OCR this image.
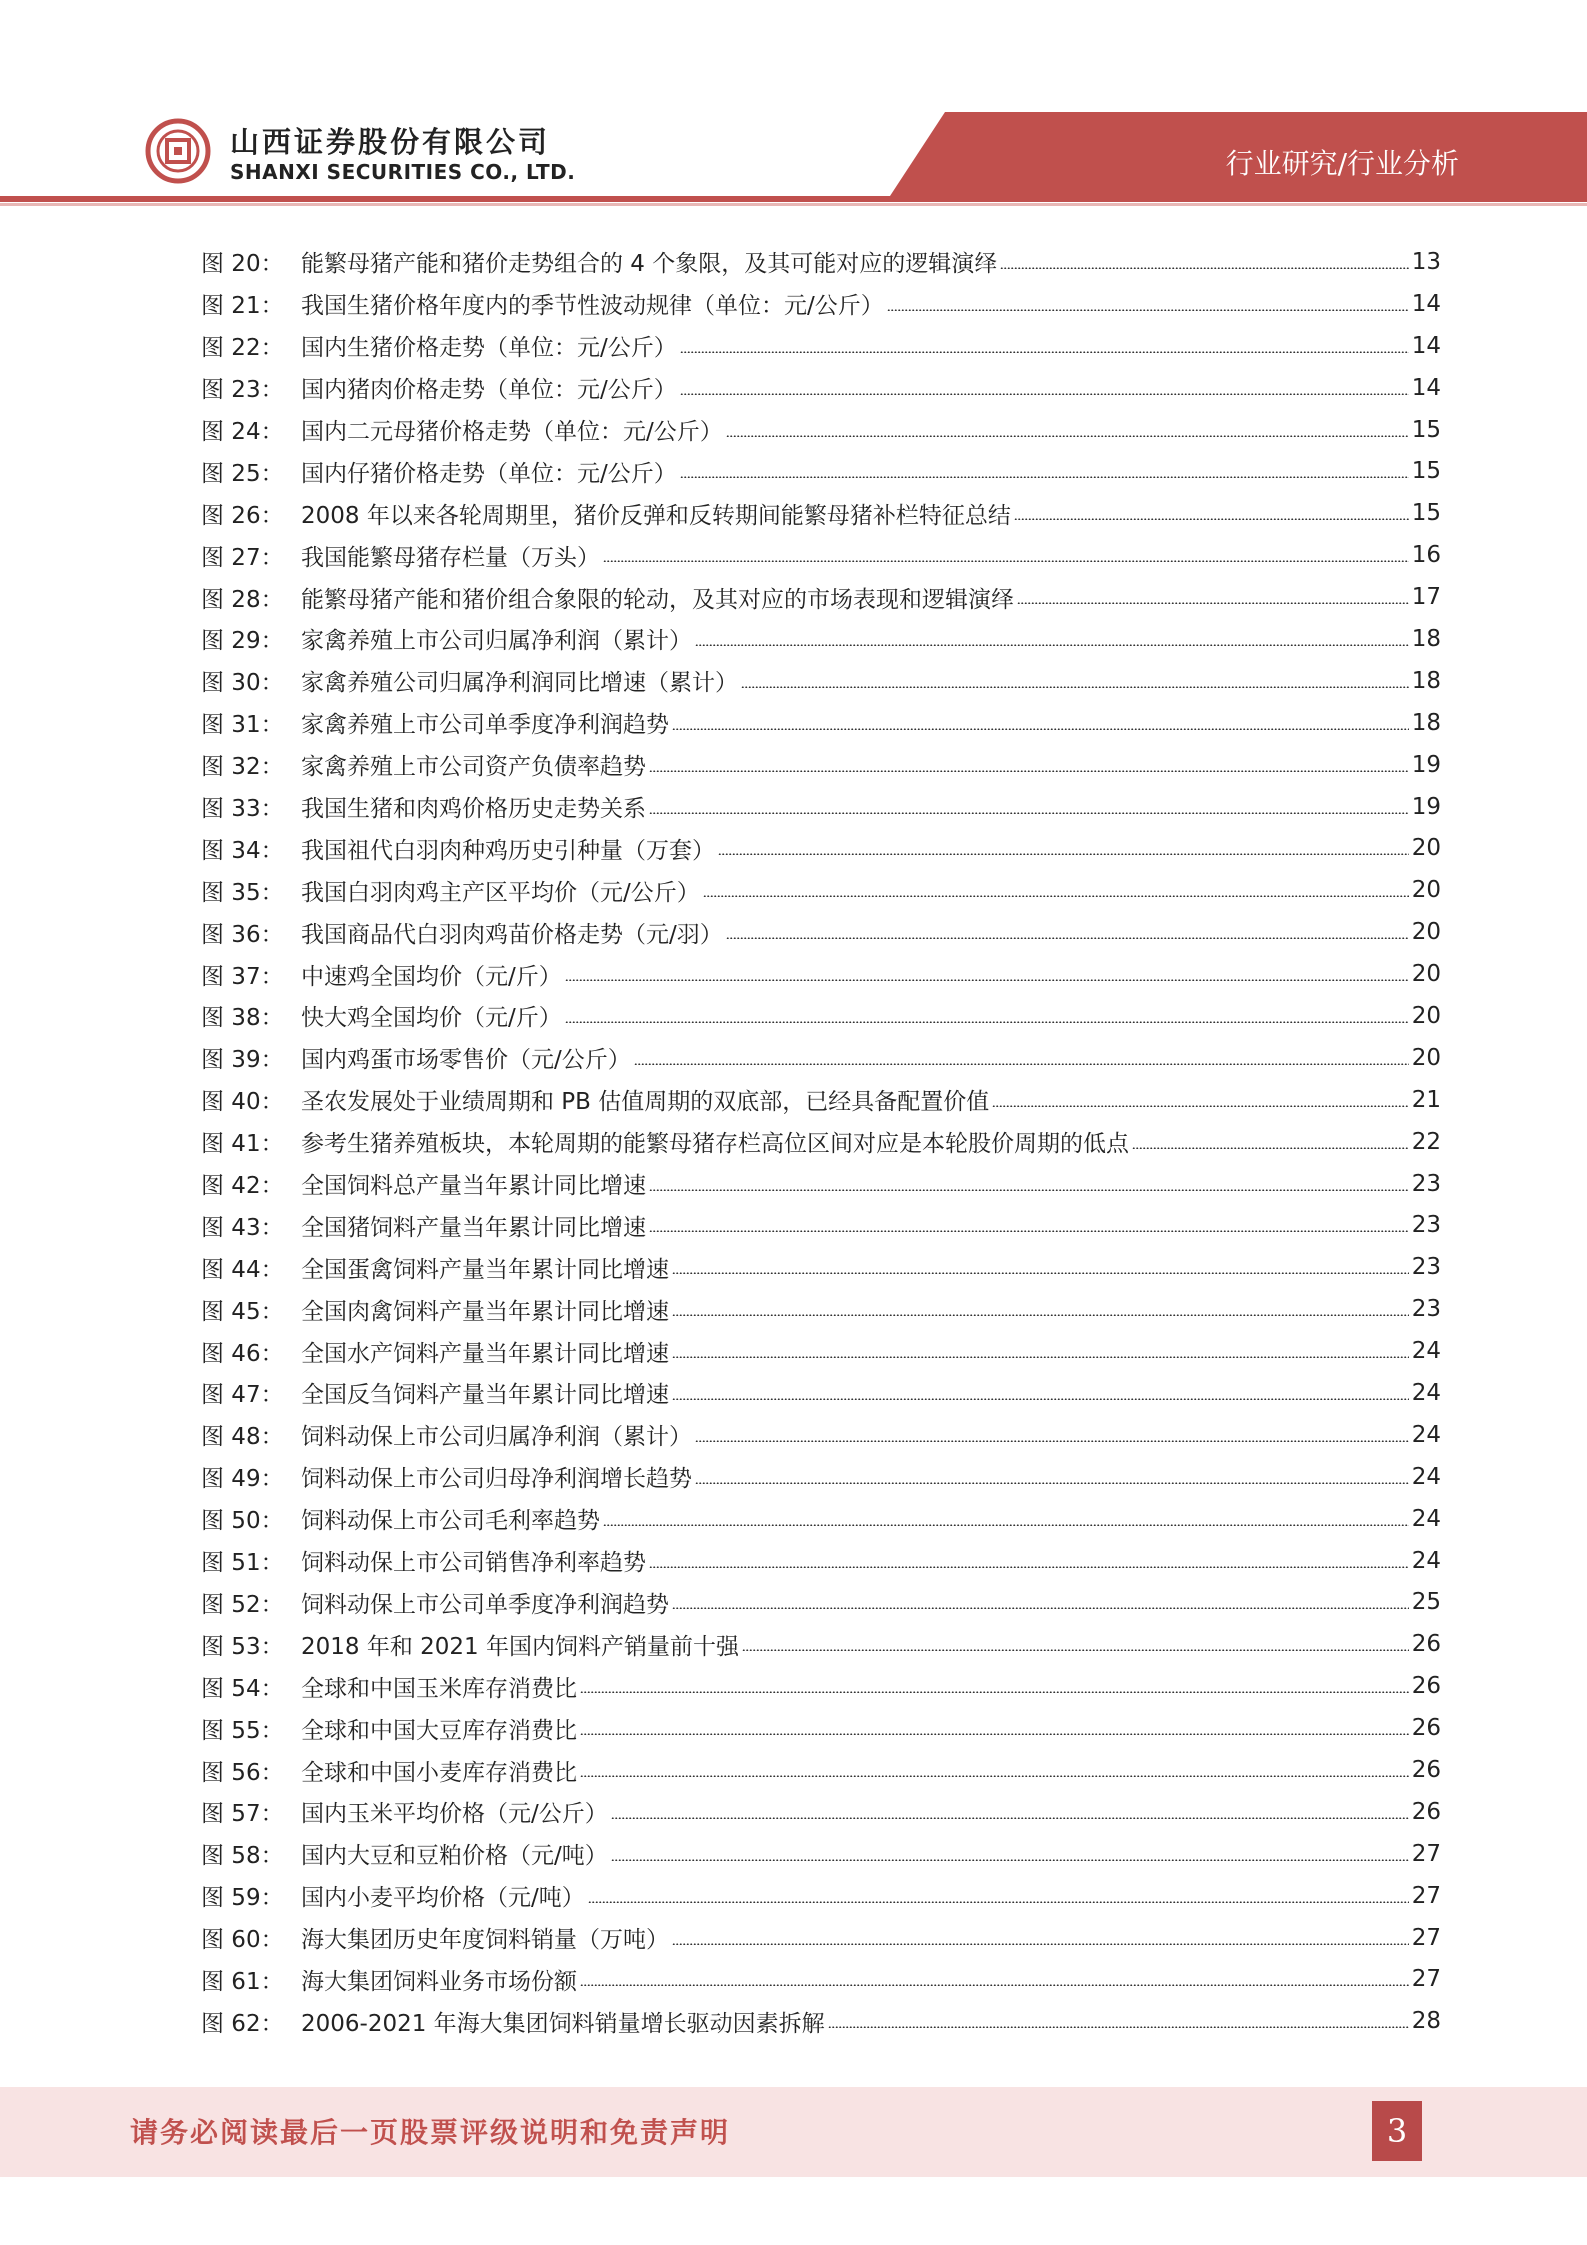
山西证券股份有限公司
SHANXI SECURITIES CO., LTD.	行业研究/行业分析
图 20： 能繁母猪产能和猪价走势组合的 4 个象限，及其可能对应的逻辑演绎	13
图 21： 我国生猪价格年度内的季节性波动规律（单位：元/公斤）	14
图 22： 国内生猪价格走势（单位：元/公斤）	14
图 23： 国内猪肉价格走势（单位：元/公斤）	14
图 24： 国内二元母猪价格走势（单位：元/公斤）	15
图 25： 国内仔猪价格走势（单位：元/公斤）	15
图 26： 2008 年以来各轮周期里，猪价反弹和反转期间能繁母猪补栏特征总结	15
图 27： 我国能繁母猪存栏量（万头）	16
图 28： 能繁母猪产能和猪价组合象限的轮动，及其对应的市场表现和逻辑演绎	17
图 29： 家禽养殖上市公司归属净利润（累计）	18
图 30： 家禽养殖公司归属净利润同比增速（累计）	18
图 31： 家禽养殖上市公司单季度净利润趋势	18
图 32： 家禽养殖上市公司资产负债率趋势	19
图 33： 我国生猪和肉鸡价格历史走势关系	19
图 34： 我国祖代白羽肉种鸡历史引种量（万套）	20
图 35： 我国白羽肉鸡主产区平均价（元/公斤）	20
图 36： 我国商品代白羽肉鸡苗价格走势（元/羽）	20
图 37： 中速鸡全国均价（元/斤）	20
图 38： 快大鸡全国均价（元/斤）	20
图 39： 国内鸡蛋市场零售价（元/公斤）	20
图 40： 圣农发展处于业绩周期和 PB 估值周期的双底部，已经具备配置价值	21
图 41： 参考生猪养殖板块，本轮周期的能繁母猪存栏高位区间对应是本轮股价周期的低点	22
图 42： 全国饲料总产量当年累计同比增速	23
图 43： 全国猪饲料产量当年累计同比增速	23
图 44： 全国蛋禽饲料产量当年累计同比增速	23
图 45： 全国肉禽饲料产量当年累计同比增速	23
图 46： 全国水产饲料产量当年累计同比增速	24
图 47： 全国反刍饲料产量当年累计同比增速	24
图 48： 饲料动保上市公司归属净利润（累计）	24
图 49： 饲料动保上市公司归母净利润增长趋势	24
图 50： 饲料动保上市公司毛利率趋势	24
图 51： 饲料动保上市公司销售净利率趋势	24
图 52： 饲料动保上市公司单季度净利润趋势	25
图 53： 2018 年和 2021 年国内饲料产销量前十强	26
图 54： 全球和中国玉米库存消费比	26
图 55： 全球和中国大豆库存消费比	26
图 56： 全球和中国小麦库存消费比	26
图 57： 国内玉米平均价格（元/公斤）	26
图 58： 国内大豆和豆粕价格（元/吨）	27
图 59： 国内小麦平均价格（元/吨）	27
图 60： 海大集团历史年度饲料销量（万吨）	27
图 61： 海大集团饲料业务市场份额	27
图 62： 2006-2021 年海大集团饲料销量增长驱动因素拆解	28
请务必阅读最后一页股票评级说明和免责声明	3
